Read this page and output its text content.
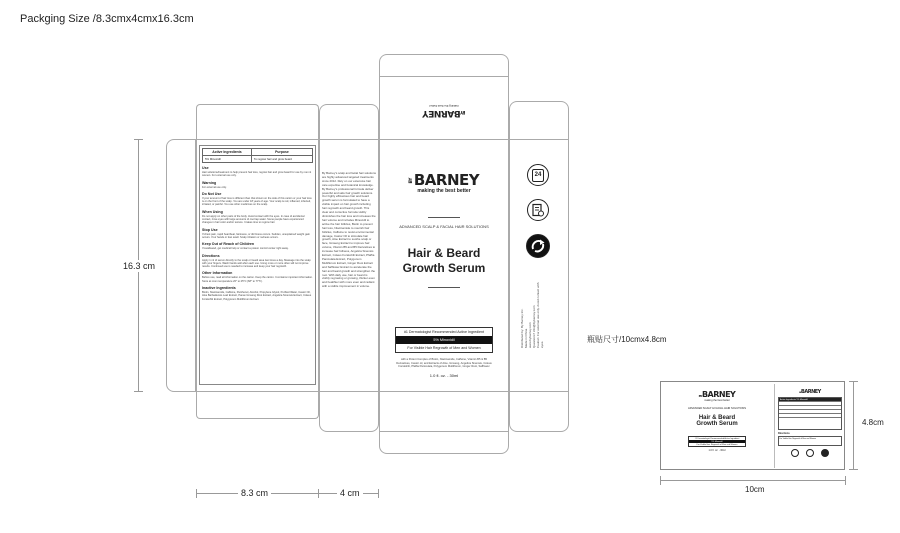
Packging Size /8.3cmx4cmx16.3cm
BYBARNEY
making the best better
Active Ingredients	Purpose
5% Minoxidil	To regrow hair and grow beard
Use
Hair solutions/treatment to help prevent hair loss, regrow hair and grow beard for use by men & women. For external use only.
Warning
For external use only.
Do Not Use
If your amount of hair loss is different than that shown on the side of this carton or your hair loss is on the front of the scalp. You are under 18 years of age. Your scalp is red, inflamed, infected, irritated, or painful. You use other medicines on the scalp.
When Using
Do not apply on other parts of the body. Avoid contact with the eyes. In case of accidental contact, rinse eyes with large amounts of cool tap water. Some people have experienced changes in hair color and/or texture. It takes time to regrow hair.
Stop Use
If chest pain, rapid heartbeat, faintness, or dizziness occurs. Sudden, unexplained weight gain occurs. Your hands or feet swell. Scalp irritation or redness occurs.
Keep Out of Reach of Children
If swallowed, get medical help or contact a poison control center right away.
Directions
Apply 1 ml of serum directly to the scalp or beard area two times a day. Massage into the scalp with your fingers. Wash hands well after each use. Using more or more often will not improve results. Continued use is needed to increase and keep your hair regrowth.
Other Information
Before use, read all information on the carton. Keep the carton. It contains important information. Store at room temperature 20° to 25°C (68° to 77°F).
Inactive Ingredients
Biotin, Niacinamide, Caffeine, Panthenol, Alcohol, Propylene Glycol, Purified Water, Castor Oil, Aloe Barbadensis Leaf Extract, Panax Ginseng Root Extract, Angelica Sinensis Extract, Coleus Forskohlii Extract, Polygonum Multiflorum Extract.
By Barney's scalp and facial hair solutions are highly advanced targeted treatments since 2012. Rely on our extensive hair care expertise and botanical knowledge. By Barney's professional formula deliver powerful and safe hair growth solutions. Our highly efficacious hair and beard growth serum is formulated to have a visible impact on hair growth including hair regrowth and beard growth. This clear and corrective formula visibly diminishes the hair loss and increases the hair volume and includes Minoxidil to active the hair follicles, Biotin to prevent hair loss, Niacinamide to nourish hair follicles, Caffeine to resist environmental damage, Castor Oil to stimulate hair growth, Aloe Extract to soothe scalp or face, Ginseng Extract to improve hair volume, Vitamin B5 and B5 Derivatives to increase hair fullness, Angelica Sinensis Extract, Coleus Forskohlii Extract, Pfaffia Paniculata Extract, Polygonum Multiflorum Extract, Ginger Root Extract and Safflower Extract to accelerate the hair and beard growth and strengthen the root. With daily use, hair or beard is visibly regrowing or growing, thicker even and healthier with more even and radiant with a visible improvement in volume.
BYBARNEY
making the best better
ADVANCED SCALP & FACIAL HAIR SOLUTIONS
Hair & Beard
Growth Serum
#1 Dermatologist Recommended Active Ingredient
5% Minoxidil
For Visible Hair Regrowth of Men and Women
with a Potent Complex of Biotin, Niacinamide, Caffeine, Vitamin B5 & B5 Derivatives, Castor oil, and Extracts of Aloe, Ginseng, Angelica Sinensis, Coleus Forskohlii, Pfaffia Paniculata, Polygonum Multiflorum, Ginger Root, Safflower
1.0 fl. oz. - 30ml
24
Distributed by: By Barney Inc.
Made in China
www.bybarney.com
Questions? info@bybarney.com
Caution: For external use only. Avoid contact with eyes.
16.3 cm
8.3 cm	4 cm
瓶贴尺寸/10cmx4.8cm
BYBARNEY
making the best better
ADVANCED SCALP & FACIAL HAIR SOLUTIONS
Hair & Beard
Growth Serum
#1 Dermatologist Recommended Active Ingredient
5% Minoxidil
For Visible Hair Regrowth of Men and Women
1.0 fl. oz. - 30ml
BYBARNEY
Active Ingredients 5% Minoxidil
Directions
For Visible Hair Regrowth of Men and Women
10cm
4.8cm
